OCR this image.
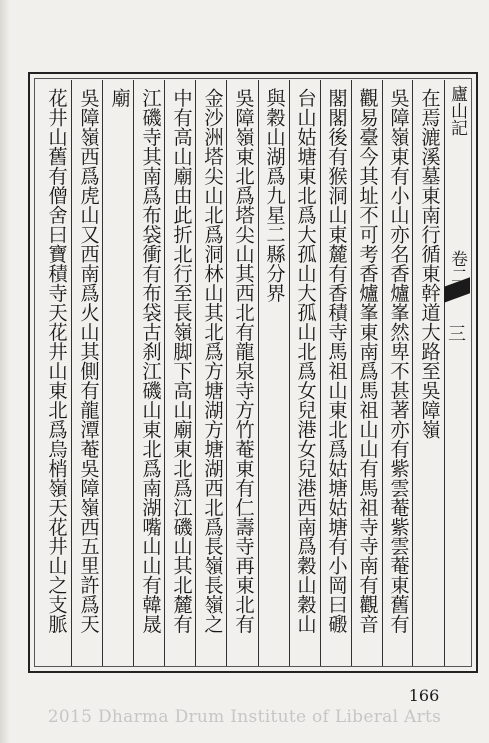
在焉漉溪墓東南行循東幹道大路至吳障嶺
吳障嶺東有小山亦名香爐峯然卑不甚著亦有紫雲菴紫雲菴東舊有
觀易臺今其址不可考香爐峯東南爲馬祖山山有馬祖寺寺南有觀音
閣閣後有猴洞山東麓有香積寺馬祖山東北爲姑塘姑塘有小岡曰磤
台山姑塘東北爲大孤山大孤山北爲女兒港女兒港西南爲穀山穀山
與穀山湖爲九星二縣分界
吳障嶺東北爲塔尖山其西北有龍泉寺方竹菴東有仁壽寺再東北有
金沙洲塔尖山北爲洞林山其北爲方塘湖方塘湖西北爲長嶺長嶺之
中有高山廟由此折北行至長嶺脚下高山廟東北爲江磯山其北麓有
江磯寺其南爲布袋衝有布袋古刹江磯山東北爲南湖嘴山山有韓晟
廟
吳障嶺西爲虎山又西南爲火山其側有龍潭菴吳障嶺西五里許爲天
花井山舊有僧舍曰寶積寺天花井山東北爲烏梢嶺天花井山之支脈	廬山記
卷二
三
166
2015 Dharma Drum Institute of Liberal Arts
